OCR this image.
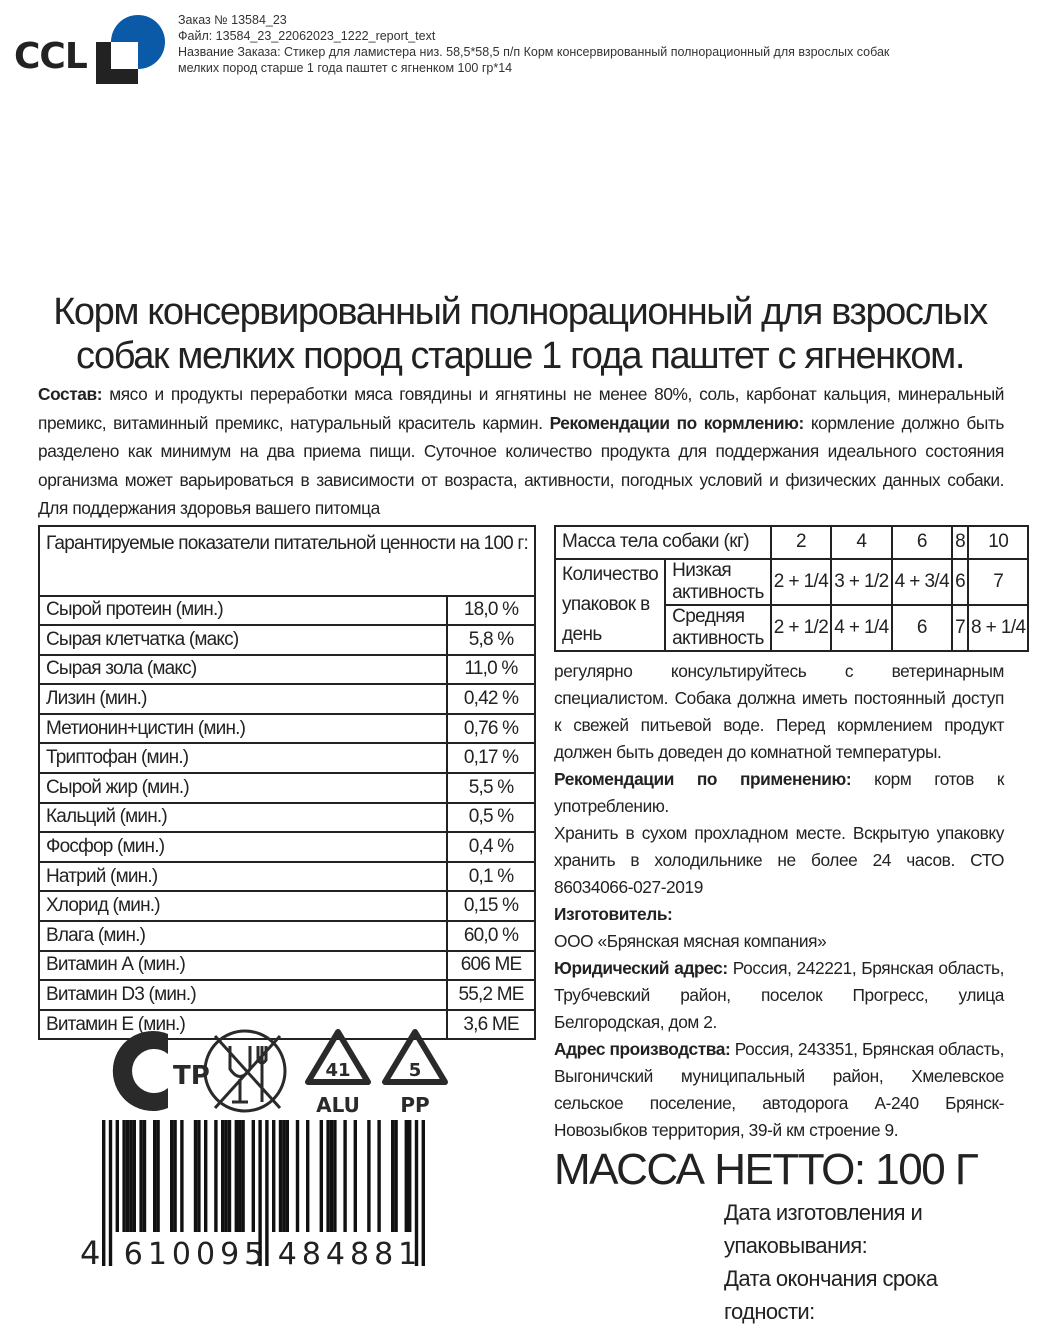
CCL
Заказ № 13584_23
Файл: 13584_23_22062023_1222_report_text
Название Заказа: Стикер для ламистера низ. 58,5*58,5 п/п Корм консервированный полнорационный для взрослых собак
мелких пород старше 1 года паштет с ягненком 100 гр*14
Корм консервированный полнорационный для взрослых
собак мелких пород старше 1 года паштет с ягненком.
Состав: мясо и продукты переработки мяса говядины и ягнятины не менее 80%, соль, карбонат кальция, минеральный премикс, витаминный премикс, натуральный краситель кармин. Рекомендации по кормлению: кормление должно быть разделено как минимум на два приема пищи. Суточное количество продукта для поддержания идеального состояния организма может варьироваться в зависимости от возраста, активности, погодных условий и физических данных собаки. Для поддержания здоровья вашего питомца
Гарантируемые показатели питательной ценности на 100 г:	
Сырой протеин (мин.)	18,0 %
Сырая клетчатка (макс)	5,8 %
Сырая зола (макс)	11,0 %
Лизин (мин.)	0,42 %
Метионин+цистин (мин.)	0,76 %
Триптофан (мин.)	0,17 %
Сырой жир (мин.)	5,5 %
Кальций (мин.)	0,5 %
Фосфор (мин.)	0,4 %
Натрий (мин.)	0,1 %
Хлорид (мин.)	0,15 %
Влага (мин.)	60,0 %
Витамин А (мин.)	606 МЕ
Витамин D3 (мин.)	55,2 МЕ
Витамин Е (мин.)	3,6 МЕ
Масса тела собаки (кг)		2	4	6	8	10
Количество упаковок в день	Низкая активность	2 + 1/4	3 + 1/2	4 + 3/4	6	7
	Средняя активность	2 + 1/2	4 + 1/4	6	7	8 + 1/4

регулярно консультируйтесь с ветеринарным специалистом. Собака должна иметь постоянный доступ к свежей питьевой воде. Перед кормлением продукт должен быть доведен до комнатной температуры.

Рекомендации по применению: корм готов к употреблению.

Хранить в сухом прохладном месте. Вскрытую упаковку хранить в холодильнике не более 24 часов. СТО 86034066-027-2019

Изготовитель:

ООО «Брянская мясная компания»

Юридический адрес: Россия, 242221, Брянская область, Трубчевский район, поселок Прогресс, улица Белгородская, дом 2.

Адрес производства: Россия, 243351, Брянская область, Выгоничский муниципальный район, Хмелевское сельское поселение, автодорога А-240 Брянск-Новозыбков территория, 39-й км строение 9.

МАССА НЕТТО: 100 Г
Дата изготовления и упаковывания:
Дата окончания срока годности:
ТР	41
ALU
5
PP
4 610095 484881
